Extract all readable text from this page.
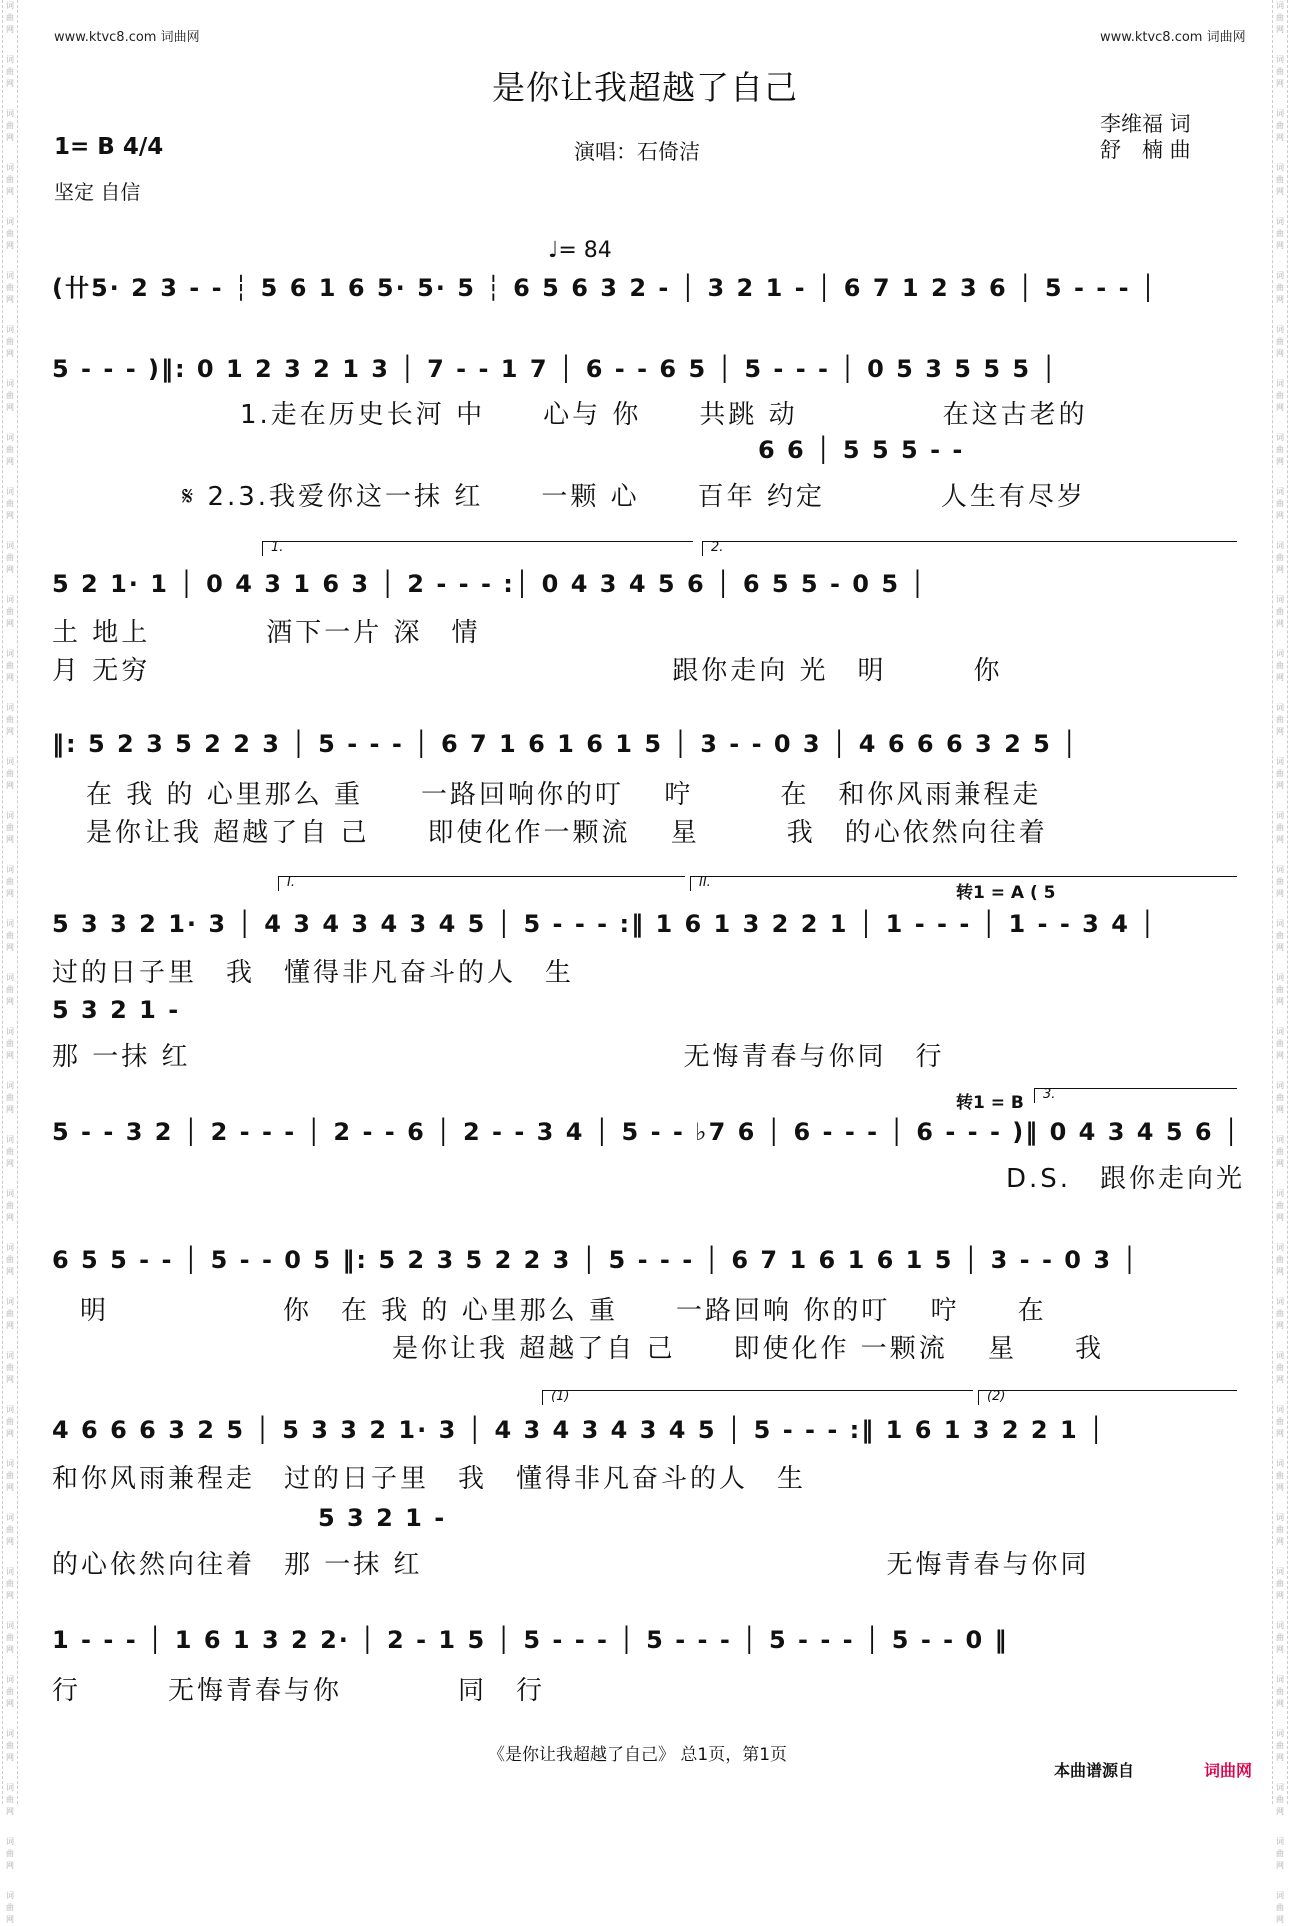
词曲网
词曲网
词曲网
词曲网
词曲网
词曲网
词曲网
词曲网
词曲网
词曲网
词曲网
词曲网
词曲网
词曲网
词曲网
词曲网
词曲网
词曲网
词曲网
词曲网
词曲网
词曲网
词曲网
词曲网
词曲网
词曲网
词曲网
词曲网
词曲网
词曲网
词曲网
词曲网
词曲网
词曲网
词曲网
词曲网
词曲网
词曲网
词曲网
词曲网
词曲网
词曲网
词曲网
词曲网
词曲网
词曲网
词曲网
词曲网
词曲网
词曲网
词曲网
词曲网
词曲网
词曲网
词曲网
词曲网
词曲网
词曲网
词曲网
词曲网
词曲网
词曲网
词曲网
词曲网
词曲网
词曲网
词曲网
词曲网
词曲网
词曲网
词曲网
词曲网
www.ktvc8.com 词曲网	www.ktvc8.com 词曲网
是你让我超越了自己
1= B 4/4	演唱：石倚洁
李维福 词
舒　楠 曲
坚定 自信
♩= 84
(卄5· 2 3 - - ┆ 5 6 1 6 5· 5· 5 ┆ 6 5 6 3 2 - │ 3 2 1 - │ 6 7 1 2 3 6 │ 5 - - - │
5 - - - )‖: 0 1 2 3 2 1 3 │ 7 - - 1 7 │ 6 - - 6 5 │ 5 - - - │ 0 5 3 5 5 5 │
1.走在历史长河 中　　心与 你　　共跳 动　　　　　在这古老的
6 6 │ 5 5 5 - -
𝄋 2.3.我爱你这一抹 红　　一颗 心　　百年 约定　　　　人生有尽岁
1.	2.
5 2 1· 1 │ 0 4 3 1 6 3 │ 2 - - - :│ 0 4 3 4 5 6 │ 6 5 5 - 0 5 │
土 地上　　　　酒下一片 深　情
月 无穷　　　　　　　　　　　　　　　　　　跟你走向 光　明　　　你
‖: 5 2 3 5 2 2 3 │ 5 - - - │ 6 7 1 6 1 6 1 5 │ 3 - - 0 3 │ 4 6 6 6 3 2 5 │
在 我 的 心里那么 重　　一路回响你的叮　 咛　　　在　和你风雨兼程走
是你让我 超越了自 己　　即使化作一颗流　 星　　　我　的心依然向往着
I.	II.
转1 = A ( 5
5 3 3 2 1· 3 │ 4 3 4 3 4 3 4 5 │ 5 - - - :‖ 1 6 1 3 2 2 1 │ 1 - - - │ 1 - - 3 4 │
过的日子里　我　懂得非凡奋斗的人　生
5 3 2 1 -
那 一抹 红　　　　　　　　　　　　　　　　　无悔青春与你同　行
转1 = B 3.
5 - - 3 2 │ 2 - - - │ 2 - - 6 │ 2 - - 3 4 │ 5 - - ♭7 6 │ 6 - - - │ 6 - - - )‖ 0 4 3 4 5 6 │
D.S.　跟你走向光
6 5 5 - - │ 5 - - 0 5 ‖: 5 2 3 5 2 2 3 │ 5 - - - │ 6 7 1 6 1 6 1 5 │ 3 - - 0 3 │
明　　　　　　你　在 我 的 心里那么 重　　一路回响 你的叮　 咛　　在
是你让我 超越了自 己　　即使化作 一颗流　 星　　我
(1)	(2)
4 6 6 6 3 2 5 │ 5 3 3 2 1· 3 │ 4 3 4 3 4 3 4 5 │ 5 - - - :‖ 1 6 1 3 2 2 1 │
和你风雨兼程走　过的日子里　我　懂得非凡奋斗的人　生
5 3 2 1 -
的心依然向往着　那 一抹 红　　　　　　　　　　　　　　　　无悔青春与你同
1 - - - │ 1 6 1 3 2 2· │ 2 - 1 5 │ 5 - - - │ 5 - - - │ 5 - - - │ 5 - - 0 ‖
行　　　无悔青春与你　　　　同　行
《是你让我超越了自己》 总1页，第1页
本曲谱源自	词曲网
